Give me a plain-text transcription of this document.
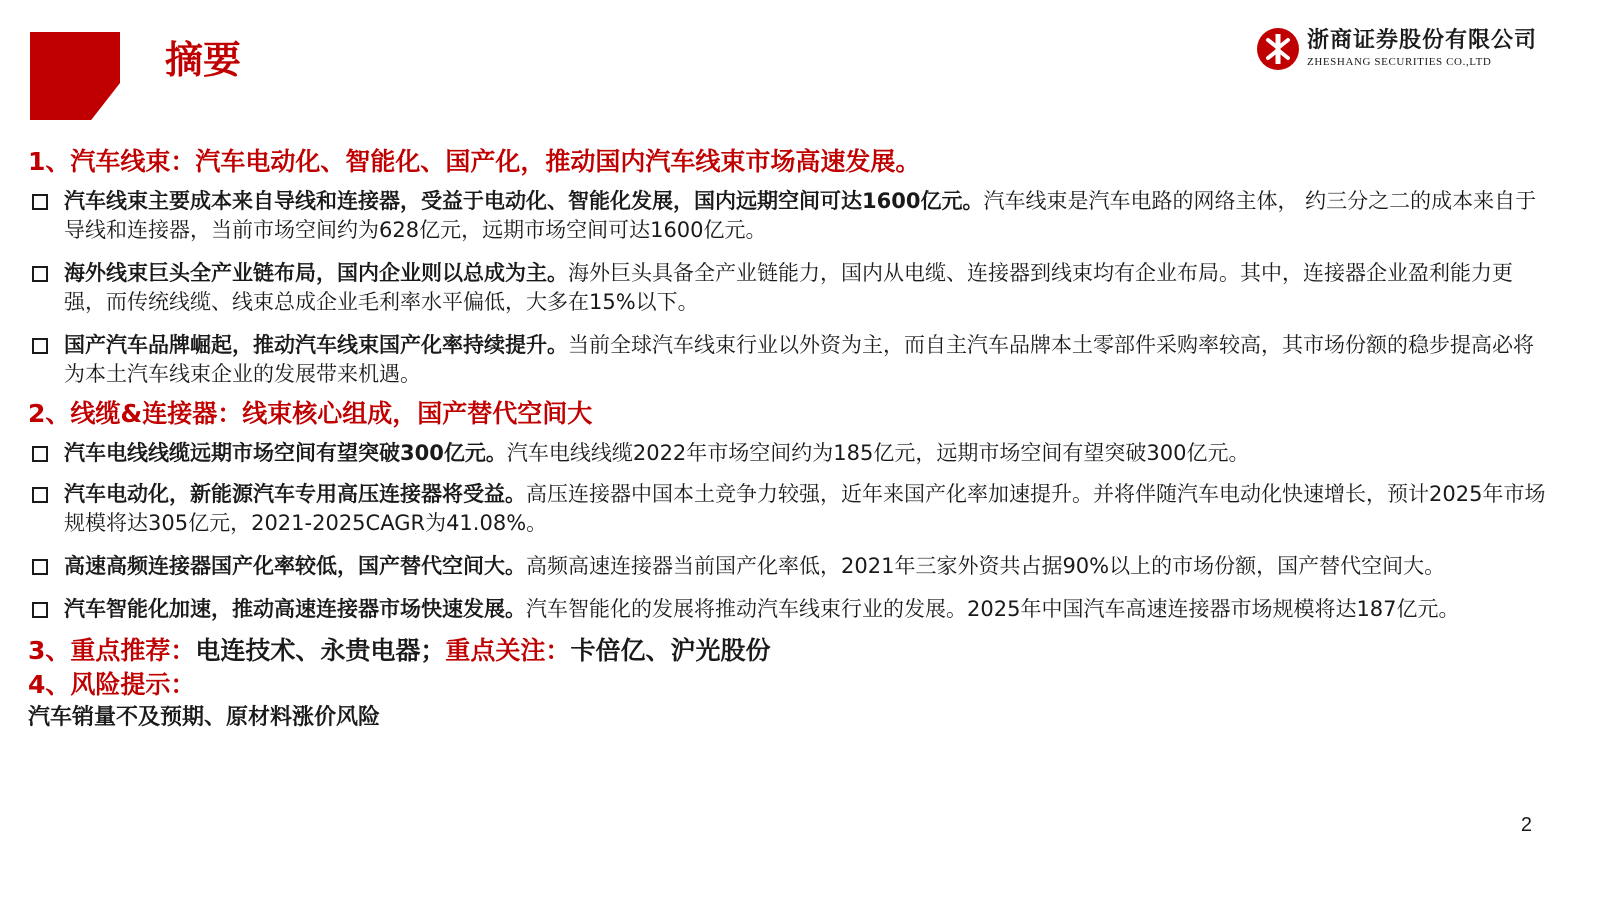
摘要	浙商证券股份有限公司
ZHESHANG SECURITIES CO.,LTD
1、汽车线束：汽车电动化、智能化、国产化，推动国内汽车线束市场高速发展。
汽车线束主要成本来自导线和连接器，受益于电动化、智能化发展，国内远期空间可达1600亿元。汽车线束是汽车电路的网络主体， 约三分之二的成本来自于导线和连接器，当前市场空间约为628亿元，远期市场空间可达1600亿元。
海外线束巨头全产业链布局，国内企业则以总成为主。海外巨头具备全产业链能力，国内从电缆、连接器到线束均有企业布局。其中，连接器企业盈利能力更强，而传统线缆、线束总成企业毛利率水平偏低，大多在15%以下。
国产汽车品牌崛起，推动汽车线束国产化率持续提升。当前全球汽车线束行业以外资为主，而自主汽车品牌本土零部件采购率较高，其市场份额的稳步提高必将为本土汽车线束企业的发展带来机遇。
2、线缆&连接器：线束核心组成，国产替代空间大
汽车电线线缆远期市场空间有望突破300亿元。汽车电线线缆2022年市场空间约为185亿元，远期市场空间有望突破300亿元。
汽车电动化，新能源汽车专用高压连接器将受益。高压连接器中国本土竞争力较强，近年来国产化率加速提升。并将伴随汽车电动化快速增长，预计2025年市场规模将达305亿元，2021-2025CAGR为41.08%。
高速高频连接器国产化率较低，国产替代空间大。高频高速连接器当前国产化率低，2021年三家外资共占据90%以上的市场份额，国产替代空间大。
汽车智能化加速，推动高速连接器市场快速发展。汽车智能化的发展将推动汽车线束行业的发展。2025年中国汽车高速连接器市场规模将达187亿元。
3、重点推荐：电连技术、永贵电器；重点关注：卡倍亿、沪光股份
4、风险提示：
汽车销量不及预期、原材料涨价风险
2
